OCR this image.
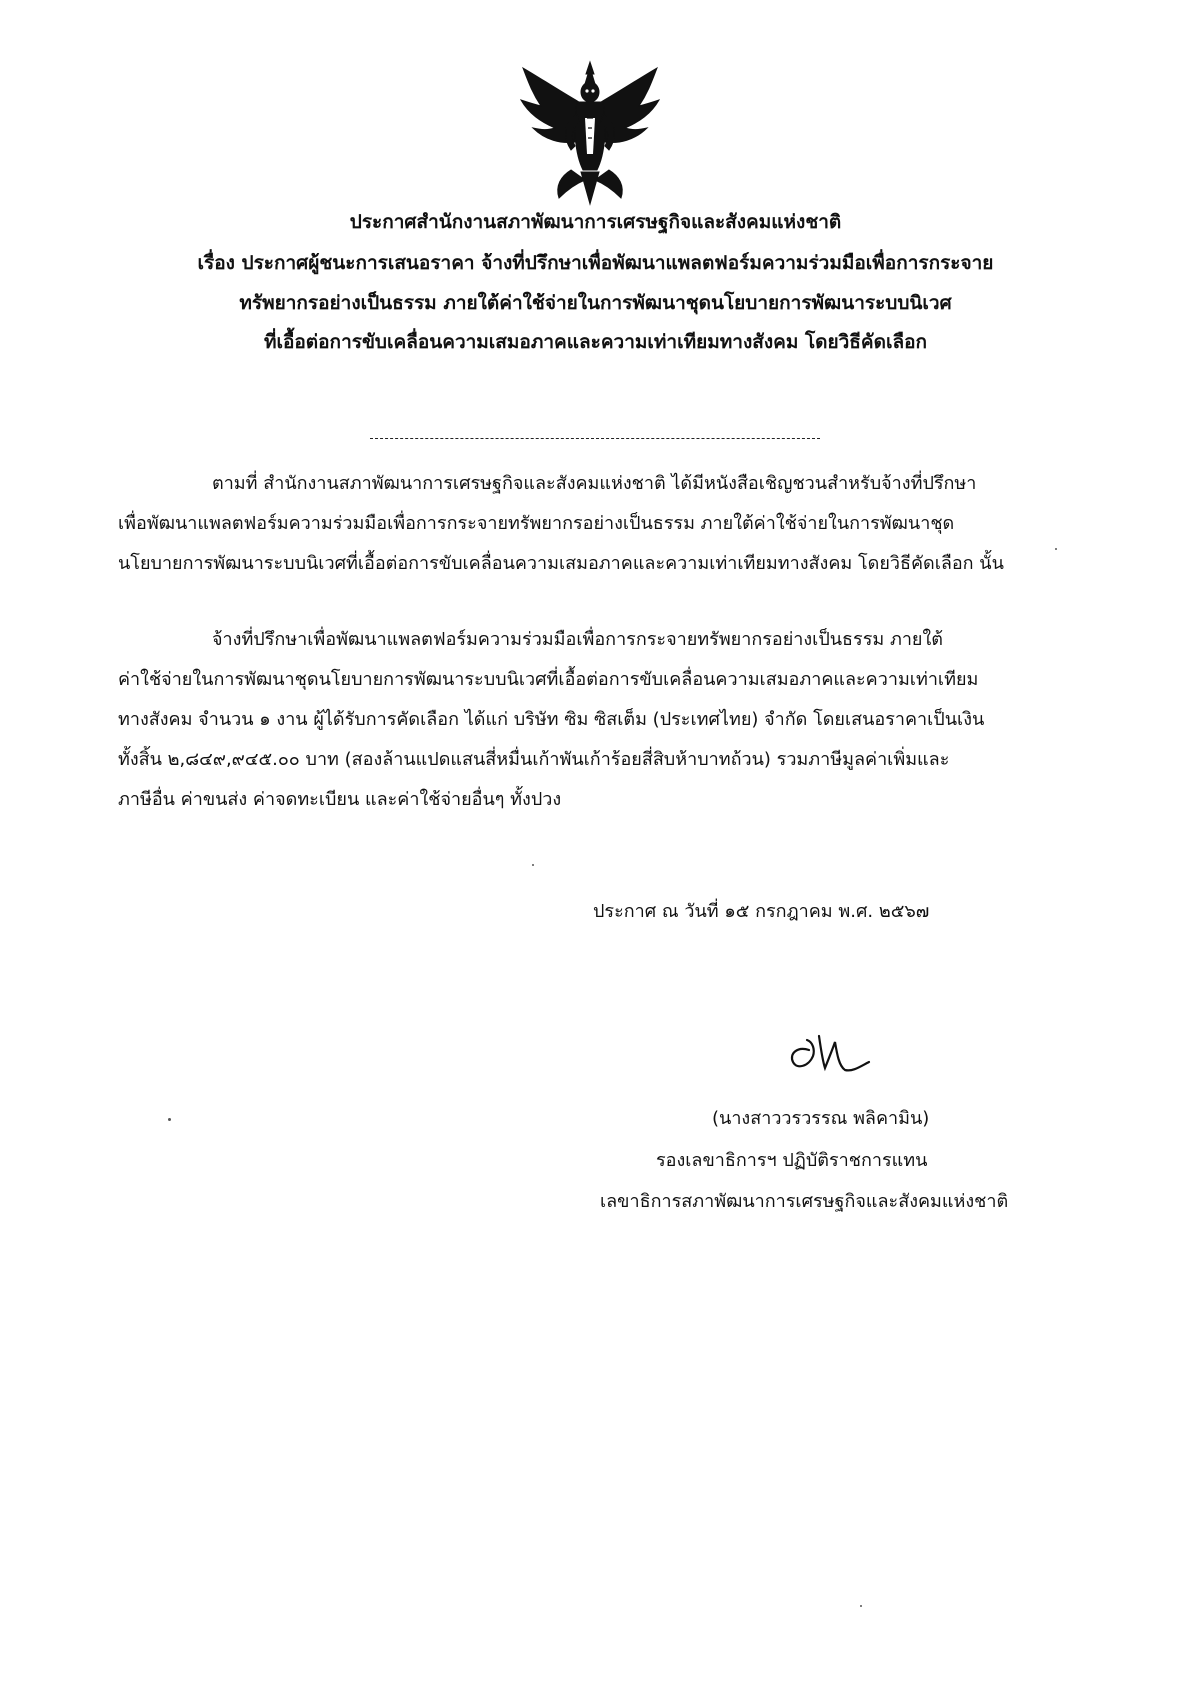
ประกาศสำนักงานสภาพัฒนาการเศรษฐกิจและสังคมแห่งชาติ
เรื่อง ประกาศผู้ชนะการเสนอราคา จ้างที่ปรึกษาเพื่อพัฒนาแพลตฟอร์มความร่วมมือเพื่อการกระจาย
ทรัพยากรอย่างเป็นธรรม ภายใต้ค่าใช้จ่ายในการพัฒนาชุดนโยบายการพัฒนาระบบนิเวศ
ที่เอื้อต่อการขับเคลื่อนความเสมอภาคและความเท่าเทียมทางสังคม โดยวิธีคัดเลือก
ตามที่ สำนักงานสภาพัฒนาการเศรษฐกิจและสังคมแห่งชาติ ได้มีหนังสือเชิญชวนสำหรับจ้างที่ปรึกษา
เพื่อพัฒนาแพลตฟอร์มความร่วมมือเพื่อการกระจายทรัพยากรอย่างเป็นธรรม ภายใต้ค่าใช้จ่ายในการพัฒนาชุด
นโยบายการพัฒนาระบบนิเวศที่เอื้อต่อการขับเคลื่อนความเสมอภาคและความเท่าเทียมทางสังคม โดยวิธีคัดเลือก นั้น
จ้างที่ปรึกษาเพื่อพัฒนาแพลตฟอร์มความร่วมมือเพื่อการกระจายทรัพยากรอย่างเป็นธรรม ภายใต้
ค่าใช้จ่ายในการพัฒนาชุดนโยบายการพัฒนาระบบนิเวศที่เอื้อต่อการขับเคลื่อนความเสมอภาคและความเท่าเทียม
ทางสังคม จำนวน ๑ งาน ผู้ได้รับการคัดเลือก ได้แก่ บริษัท ซิม ซิสเต็ม (ประเทศไทย) จำกัด โดยเสนอราคาเป็นเงิน
ทั้งสิ้น ๒,๘๔๙,๙๔๕.๐๐ บาท (สองล้านแปดแสนสี่หมื่นเก้าพันเก้าร้อยสี่สิบห้าบาทถ้วน) รวมภาษีมูลค่าเพิ่มและ
ภาษีอื่น ค่าขนส่ง ค่าจดทะเบียน และค่าใช้จ่ายอื่นๆ ทั้งปวง
ประกาศ ณ วันที่ ๑๕ กรกฎาคม พ.ศ. ๒๕๖๗
(นางสาววรวรรณ พลิคามิน)
รองเลขาธิการฯ ปฏิบัติราชการแทน
เลขาธิการสภาพัฒนาการเศรษฐกิจและสังคมแห่งชาติ
